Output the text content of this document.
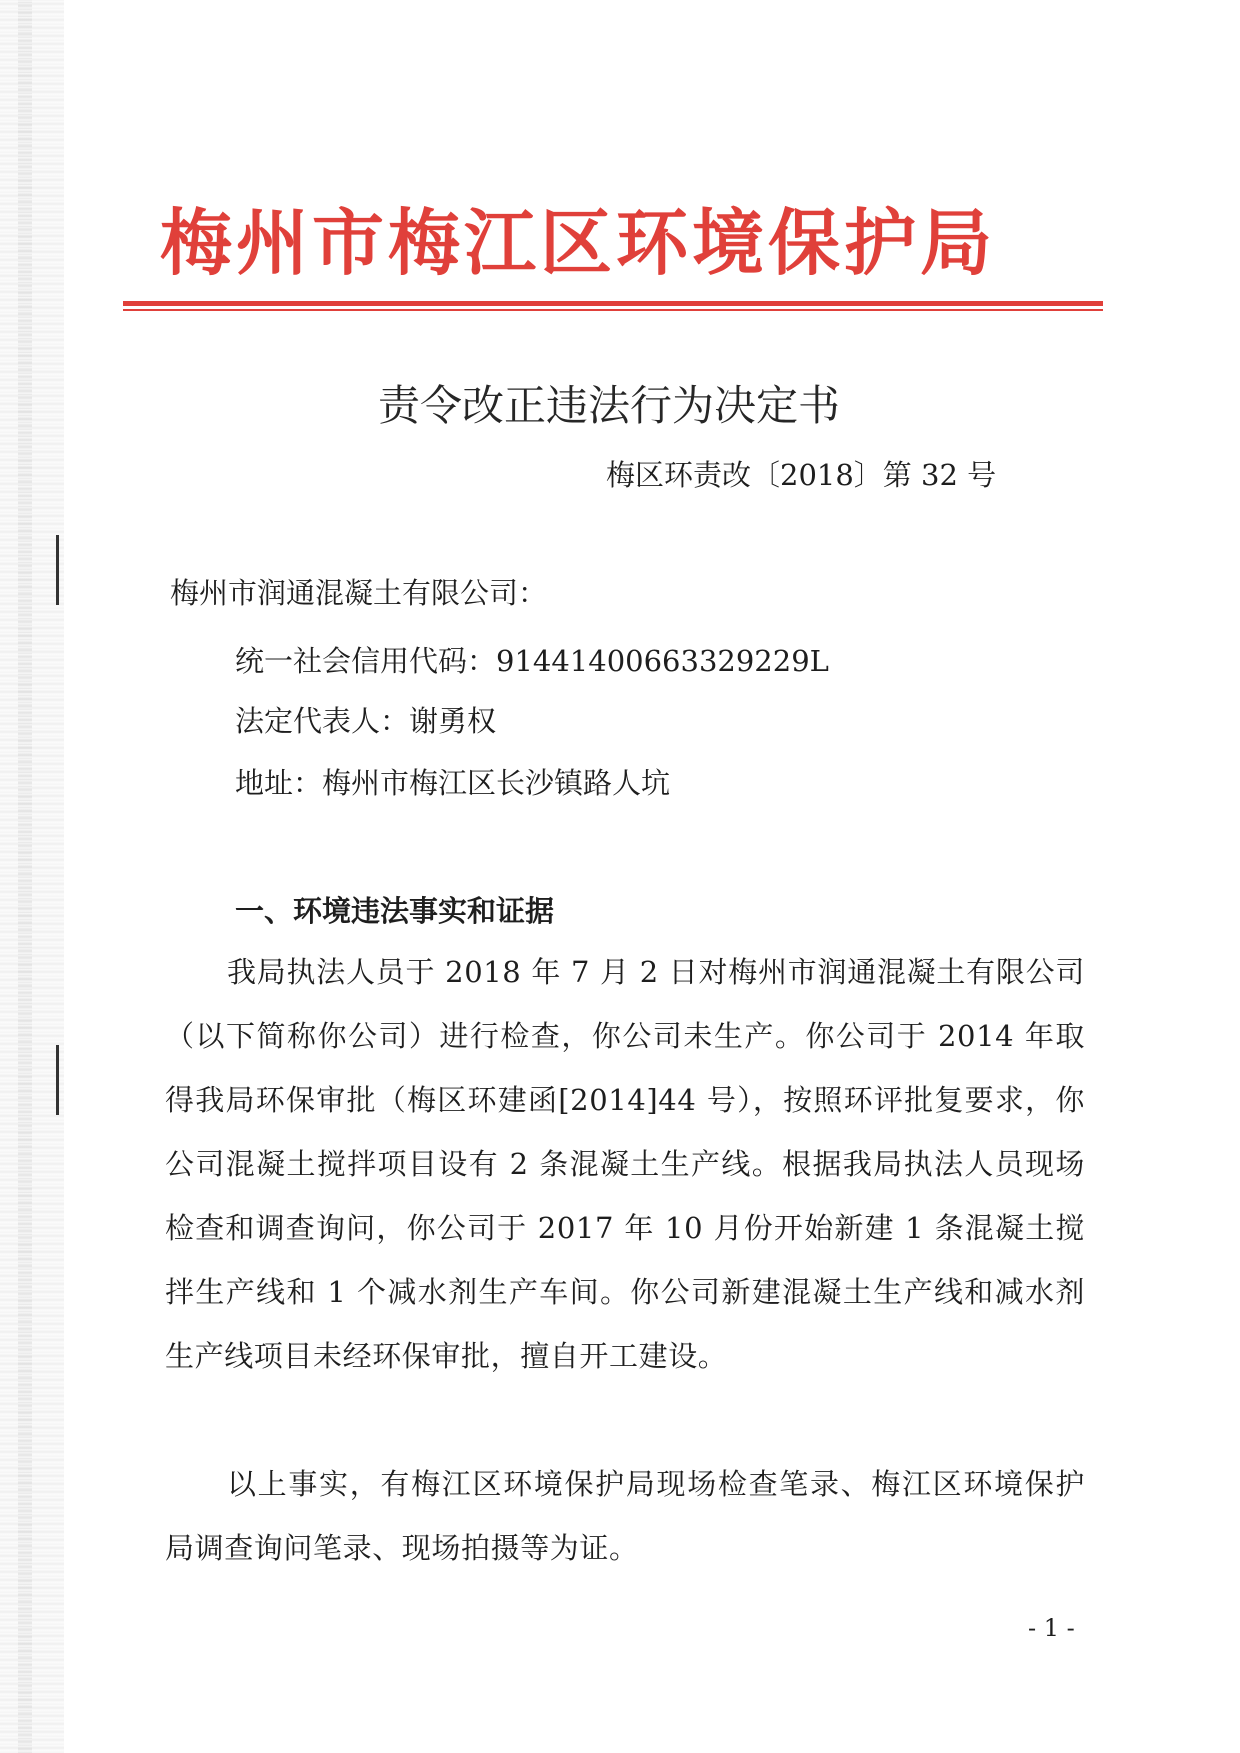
梅州市梅江区环境保护局
责令改正违法行为决定书
梅区环责改〔2018〕第 32 号
梅州市润通混凝土有限公司：
统一社会信用代码：91441400663329229L
法定代表人：谢勇权
地址：梅州市梅江区长沙镇路人坑
一、环境违法事实和证据
我局执法人员于 2018 年 7 月 2 日对梅州市润通混凝土有限公司（以下简称你公司）进行检查，你公司未生产。你公司于 2014 年取得我局环保审批（梅区环建函[2014]44 号），按照环评批复要求，你公司混凝土搅拌项目设有 2 条混凝土生产线。根据我局执法人员现场检查和调查询问，你公司于 2017 年 10 月份开始新建 1 条混凝土搅拌生产线和 1 个减水剂生产车间。你公司新建混凝土生产线和减水剂生产线项目未经环保审批，擅自开工建设。
以上事实，有梅江区环境保护局现场检查笔录、梅江区环境保护局调查询问笔录、现场拍摄等为证。
- 1 -
